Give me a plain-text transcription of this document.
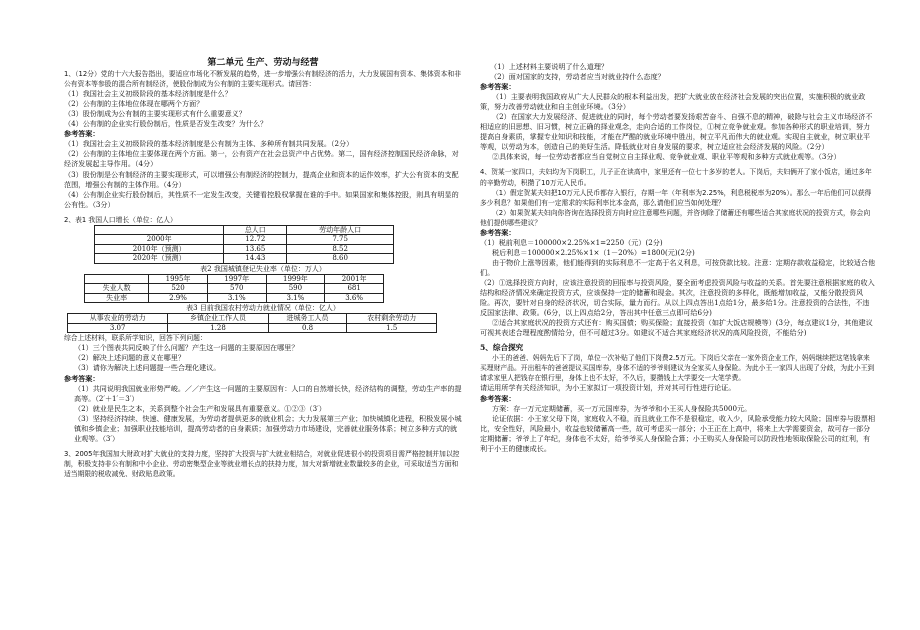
第二单元 生产、劳动与经营

1、（12分）党的十六大报告指出，要适应市场化不断发展的趋势，进一步增强公有制经济的活力，大力发展国有资本、集体资本和非公有资本等参股的混合所有制经济，使股份制成为公有制的主要实现形式。请回答：

（1）我国社会主义初级阶段的基本经济制度是什么？

（2）公有制的主体地位体现在哪两个方面？

（3）股份制成为公有制的主要实现形式有什么重要意义？

（4）公有制的企业实行股份制后，性质是否发生改变？为什么？

参考答案：

（1）我国社会主义初级阶段的基本经济制度是公有制为主体、多种所有制共同发展。（2分）

（2）公有制的主体地位主要体现在两个方面。第一，公有资产在社会总资产中占优势。第二，国有经济控制国民经济命脉，对经济发展起主导作用。（4分）

（3）股份制是公有制经济的主要实现形式，可以增强公有制经济的控制力，提高企业和资本的运作效率，扩大公有资本的支配范围，增强公有制的主体作用。（4分）

（4）公有制企业实行股份制后，其性质不一定发生改变，关键看控股权掌握在谁的手中。如果国家和集体控股，则具有明显的公有性。（3分）

2、表1 我国人口增长（单位：亿人）

	总人口	劳动年龄人口
2000年	12.72	7.75
2010年（预测）	13.65	8.52
2020年（预测）	14.43	8.60

表2 我国城镇登记失业率（单位：万人）

	1995年	1997年	1999年	2001年
失业人数	520	570	590	681
失业率	2.9%	3.1%	3.1%	3.6%

表3 目前我国农村劳动力就业情况（单位：亿人）

从事农业的劳动力	乡镇企业工作人员	进城务工人员	农村剩余劳动力
3.07	1.28	0.8	1.5

综合上述材料，联系所学知识，回答下列问题：

（1）三个图表共同反映了什么问题？产生这一问题的主要原因在哪里？

（2）解决上述问题的意义在哪里？

（3）请你为解决上述问题提一些合理化建议。

参考答案：

（1）共同说明我国就业形势严峻。／／产生这一问题的主要原因有：人口的自然增长快，经济结构的调整，劳动生产率的提高等。（2′＋1′＝3′）

（2）就业是民生之本，关系到整个社会生产和发展具有重要意义。①②③（3′）

（3）坚持经济持续、快速、健康发展，为劳动者提供更多的就业机会；大力发展第三产业；加快城镇化进程，积极发展小城镇和乡镇企业；加强职业技能培训，提高劳动者的自身素质；加强劳动力市场建设，完善就业服务体系；树立多种方式的就业观等。（3′）

3、2005年我国加大财政对扩大就业的支持力度，坚持扩大投资与扩大就业相结合，对就业促进很小的投资项目需严格控制并加以控制，积极支持非公有制和中小企业、劳动密集型企业等就业增长点的扶持力度，加大对新增就业数量较多的企业，可采取适当方面和适当期限的税收减免、财政贴息政策。

（1）上述材料主要说明了什么道理？

（2）面对国家的支持，劳动者应当对就业持什么态度？

参考答案：

（1）主要表明我国政府从广大人民群众的根本利益出发，把扩大就业放在经济社会发展的突出位置，实施积极的就业政策，努力改善劳动就业和自主创业环境。（3分）

（2）在国家大力发展经济、促进就业的同时，每个劳动者要发扬艰苦奋斗、自强不息的精神，破除与社会主义市场经济不相适应的旧思想、旧习惯，树立正确的择业观念，走向合适的工作岗位，①树立竞争就业观。参加各种形式的职业培训，努力提高自身素质，掌握专业知识和技能，才能在严酷的就业环境中胜出，树立平凡而伟大的就业观。实现自主就业，树立职业平等观，以劳动为本，创造自己的美好生活。降低就业对自身发展的要求，树立适应社会经济发展的风险。（2分）

②具体来说，每一位劳动者都应当自觉树立自主择业观、竞争就业观、职业平等观和多种方式就业观等。（3分）

4、贺某一家四口，夫妇均为下岗职工，儿子正在读高中，家里还有一位七十多岁的老人。下岗后，夫妇俩开了家小饭店，通过多年的辛勤劳动，积攒了10万元人民币。

（1）假定贺某夫妇把10万元人民币都存入银行，存期一年（年利率为2.25%，利息税税率为20%）。那么一年后他们可以获得多少利息？如果他们有一定需求的实际利率比本金高，那么请他们应当如何处理？

（2）如果贺某夫妇向你咨询在选择投资方向时应注意哪些问题，并咨询除了储蓄还有哪些适合其家庭状况的投资方式，你会向他们提供哪些建议？

参考答案：

（1）税前利息＝100000×2.25%×1=2250（元）(2分)

税后利息＝100000×2.25%×1×（1－20%）=1800(元)(2分)

由于物价上涨等因素，他们能得到的实际利息不一定高于名义利息，可按贷款比较。注意：定期存款收益稳定，比较适合他们。

（2）①选择投资方向时，应该注意投资的回报率与投资风险，要全面考虑投资风险与收益的关系。首先要注意根据家庭的收入结构和经济情况来确定投资方式，应该保持一定的储蓄和现金。其次，注意投资的多样化，既能增加收益，又能分散投资风险。再次，要针对自身的经济状况，切合实际，量力而行。从以上四点答出1点给1分，最多给1分。注意投资的合法性，不违反国家法律、政策。(6分，以上四点给2分，答出其中任意三点即可给6分)

②适合其家庭状况的投资方式还有：购买国债；购买保险；直接投资（如扩大饭店规模等）(3分，每点建议1分，其他建议可视其表述合理程度酌情给分，但不可超过3分。如建议不适合其家庭经济状况的高风险投资，不能给分)

5、综合探究

小王的爸爸、妈妈先后下了岗，单位一次补贴了他们下岗费2.5万元。下岗后父亲在一家外资企业工作，妈妈继续把这笔钱拿来买理财产品。开出租车的爸爸提议买国库券，身体不适的爷爷则建议为全家买人身保险。为此小王一家四人出现了分歧，为此小王到请求家里人把钱存在银行里，身体上也不太好，不久后，要攒钱上大学要交一大笔学费。

请运用所学有关经济知识，为小王家拟订一项投资计划，并对其可行性进行论证。

参考答案：

方案：存一万元定期储蓄，买一万元国库券，为爷爷和小王买人身保险共5000元。

论证依据：小王家父母下岗，家庭收入不稳，而且就业工作不是很稳定，收入少，风险承受能力较大风险；国库券与股票相比，安全性好，风险最小，收益也较储蓄高一些，故可考虑买一部分；小王正在上高中，将来上大学需要资金，故可存一部分定期储蓄；爷爷上了年纪，身体也不太好，给爷爷买人身保险合算；小王购买人身保险可以防段性地领取保险公司的红利，有利于小王的健康成长。
